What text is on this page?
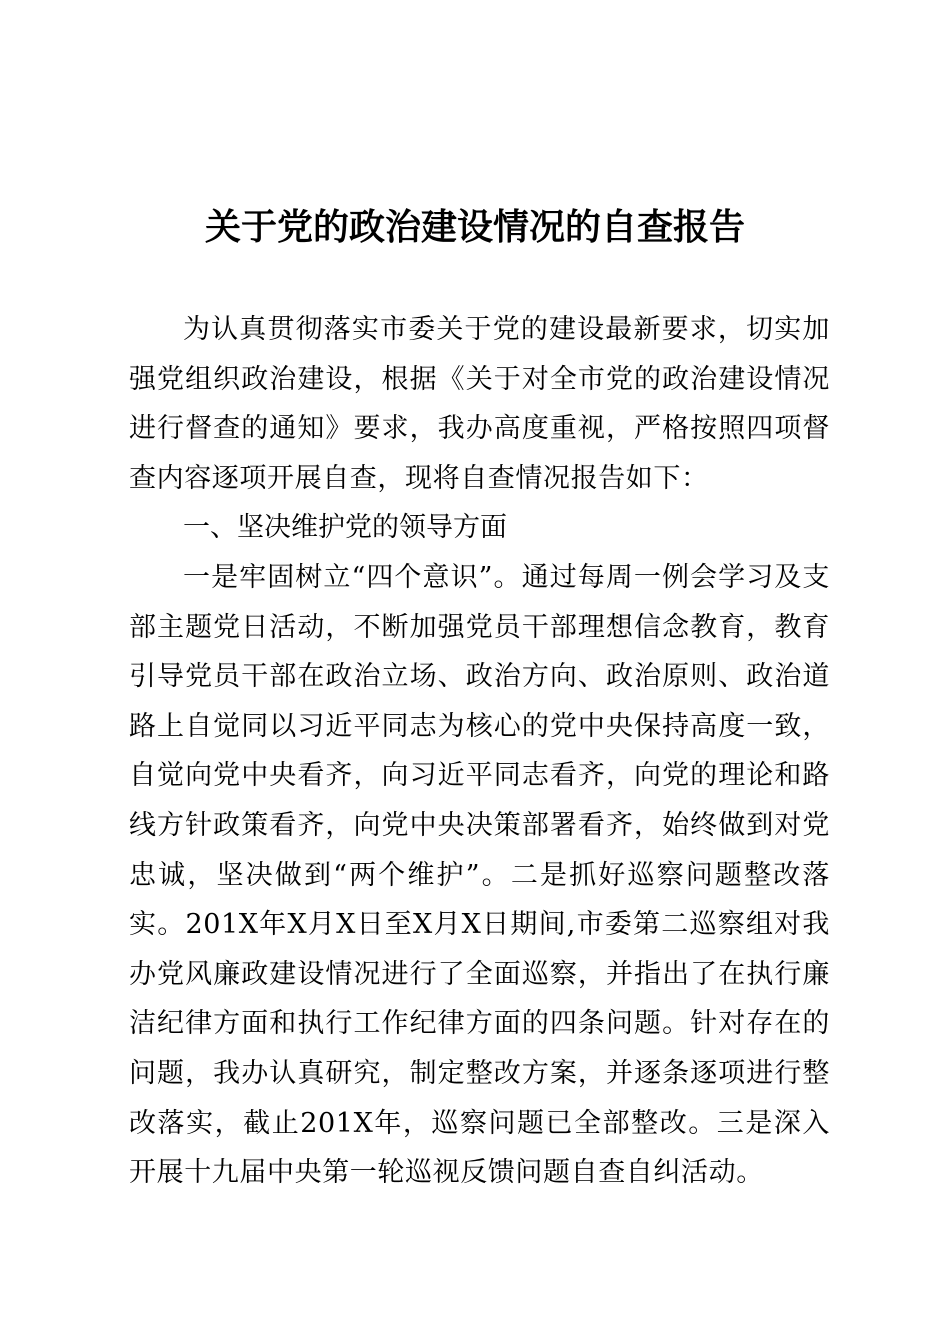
关于党的政治建设情况的自查报告

为认真贯彻落实市委关于党的建设最新要求，切实加强党组织政治建设，根据《关于对全市党的政治建设情况进行督查的通知》要求，我办高度重视，严格按照四项督查内容逐项开展自查，现将自查情况报告如下：

一、坚决维护党的领导方面

一是牢固树立“四个意识”。通过每周一例会学习及支部主题党日活动，不断加强党员干部理想信念教育，教育引导党员干部在政治立场、政治方向、政治原则、政治道路上自觉同以习近平同志为核心的党中央保持高度一致，自觉向党中央看齐，向习近平同志看齐，向党的理论和路线方针政策看齐，向党中央决策部署看齐，始终做到对党忠诚，坚决做到“两个维护”。二是抓好巡察问题整改落实。201X年X月X日至X月X日期间,市委第二巡察组对我办党风廉政建设情况进行了全面巡察，并指出了在执行廉洁纪律方面和执行工作纪律方面的四条问题。针对存在的问题，我办认真研究，制定整改方案，并逐条逐项进行整改落实，截止201X年，巡察问题已全部整改。三是深入开展十九届中央第一轮巡视反馈问题自查自纠活动。
